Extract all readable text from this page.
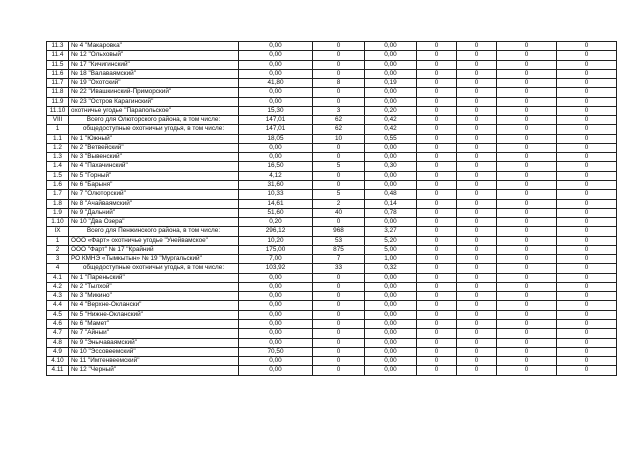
11.3	№ 4 "Макаровка"	0,00	0	0,00	0	0	0	0
11.4	№ 12 "Ольховый"	0,00	0	0,00	0	0	0	0
11.5	№ 17 "Кичигинский"	0,00	0	0,00	0	0	0	0
11.6	№ 18 "Валаваямский"	0,00	0	0,00	0	0	0	0
11.7	№ 19 "Охотский"	41,80	8	0,19	0	0	0	0
11.8	№ 22 "Ивашкинский-Приморский"	0,00	0	0,00	0	0	0	0
11.9	№ 23 "Остров Карагинский"	0,00	0	0,00	0	0	0	0
11.10	охотничье угодье "Парапольское"	15,30	3	0,20	0	0	0	0
VIII	Всего для Олюторского района, в том числе:	147,01	62	0,42	0	0	0	0
1	общедоступные охотничьи угодья, в том числе:	147,01	62	0,42	0	0	0	0
1.1	№ 1 "Южный"	18,05	10	0,55	0	0	0	0
1.2	№ 2 "Ветвейский"	0,00	0	0,00	0	0	0	0
1.3	№ 3 "Вывенский"	0,00	0	0,00	0	0	0	0
1.4	№ 4 "Пахачинский"	16,50	5	0,30	0	0	0	0
1.5	№ 5 "Горный"	4,12	0	0,00	0	0	0	0
1.6	№ 6 "Барыня"	31,60	0	0,00	0	0	0	0
1.7	№ 7 "Олюторский"	10,33	5	0,48	0	0	0	0
1.8	№ 8 "Ачайваямский"	14,61	2	0,14	0	0	0	0
1.9	№ 9 "Дальний"	51,60	40	0,78	0	0	0	0
1.10	№ 10 "Два Озера"	0,20	0	0,00	0	0	0	0
IX	Всего для Пенжинского района, в том числе:	296,12	968	3,27	0	0	0	0
1	ООО «Фарт» охотничье угодье "Унейвамское"	10,20	53	5,20	0	0	0	0
2	ООО "Фарт" № 17 "Крайний	175,00	875	5,00	0	0	0	0
3	РО КМНЭ «Тымкытын» № 19 "Мургальский"	7,00	7	1,00	0	0	0	0
4	общедоступные охотничьи угодья, в том числе:	103,92	33	0,32	0	0	0	0
4.1	№ 1 "Пареньский"	0,00	0	0,00	0	0	0	0
4.2	№ 2 "Тылхой"	0,00	0	0,00	0	0	0	0
4.3	№ 3 "Микино"	0,00	0	0,00	0	0	0	0
4.4	№ 4 "Верхне-Оклански"	0,00	0	0,00	0	0	0	0
4.5	№ 5 "Нижне-Окланский"	0,00	0	0,00	0	0	0	0
4.6	№ 6 "Мамет"	0,00	0	0,00	0	0	0	0
4.7	№ 7 "Айныи"	0,00	0	0,00	0	0	0	0
4.8	№ 9 "Энычаваямский"	0,00	0	0,00	0	0	0	0
4.9	№ 10 "Эссовеемский"	70,50	0	0,00	0	0	0	0
4.10	№ 11 "Имтенвеемский"	0,00	0	0,00	0	0	0	0
4.11	№ 12 "Черный"	0,00	0	0,00	0	0	0	0
